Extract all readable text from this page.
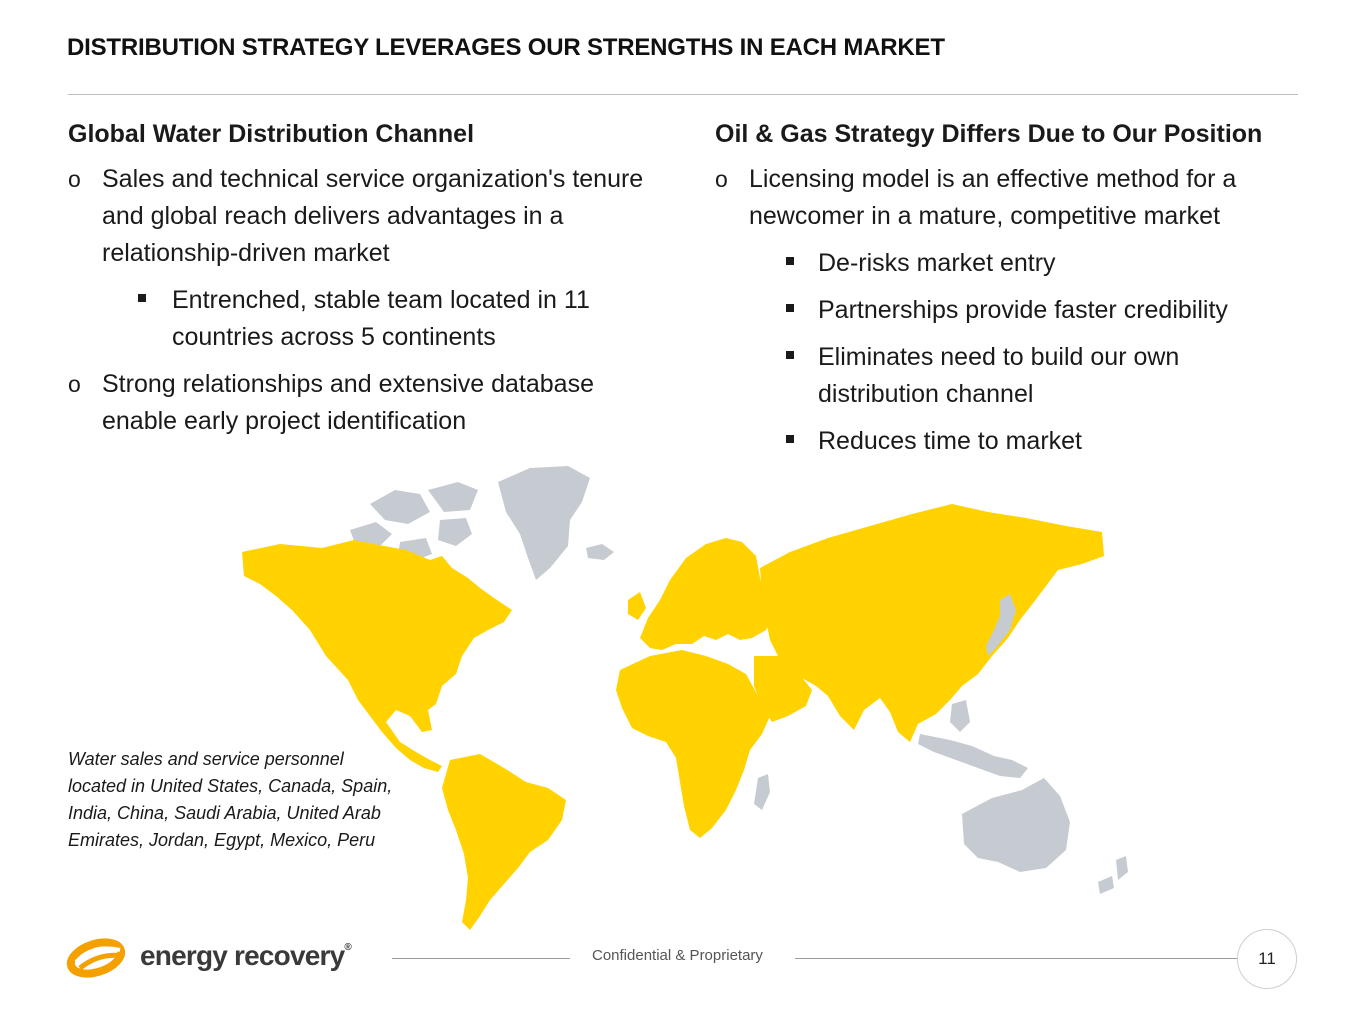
DISTRIBUTION STRATEGY LEVERAGES OUR STRENGTHS IN EACH MARKET
Global Water Distribution Channel
o Sales and technical service organization's tenure and global reach delivers advantages in a relationship-driven market
Entrenched, stable team located in 11 countries across 5 continents
o Strong relationships and extensive database enable early project identification
Oil & Gas Strategy Differs Due to Our Position
o Licensing model is an effective method for a newcomer in a mature, competitive market
De-risks market entry
Partnerships provide faster credibility
Eliminates need to build our own distribution channel
Reduces time to market
Water sales and service personnel located in United States, Canada, Spain, India, China, Saudi Arabia, United Arab Emirates, Jordan, Egypt, Mexico, Peru
energy recovery®	Confidential & Proprietary	11
